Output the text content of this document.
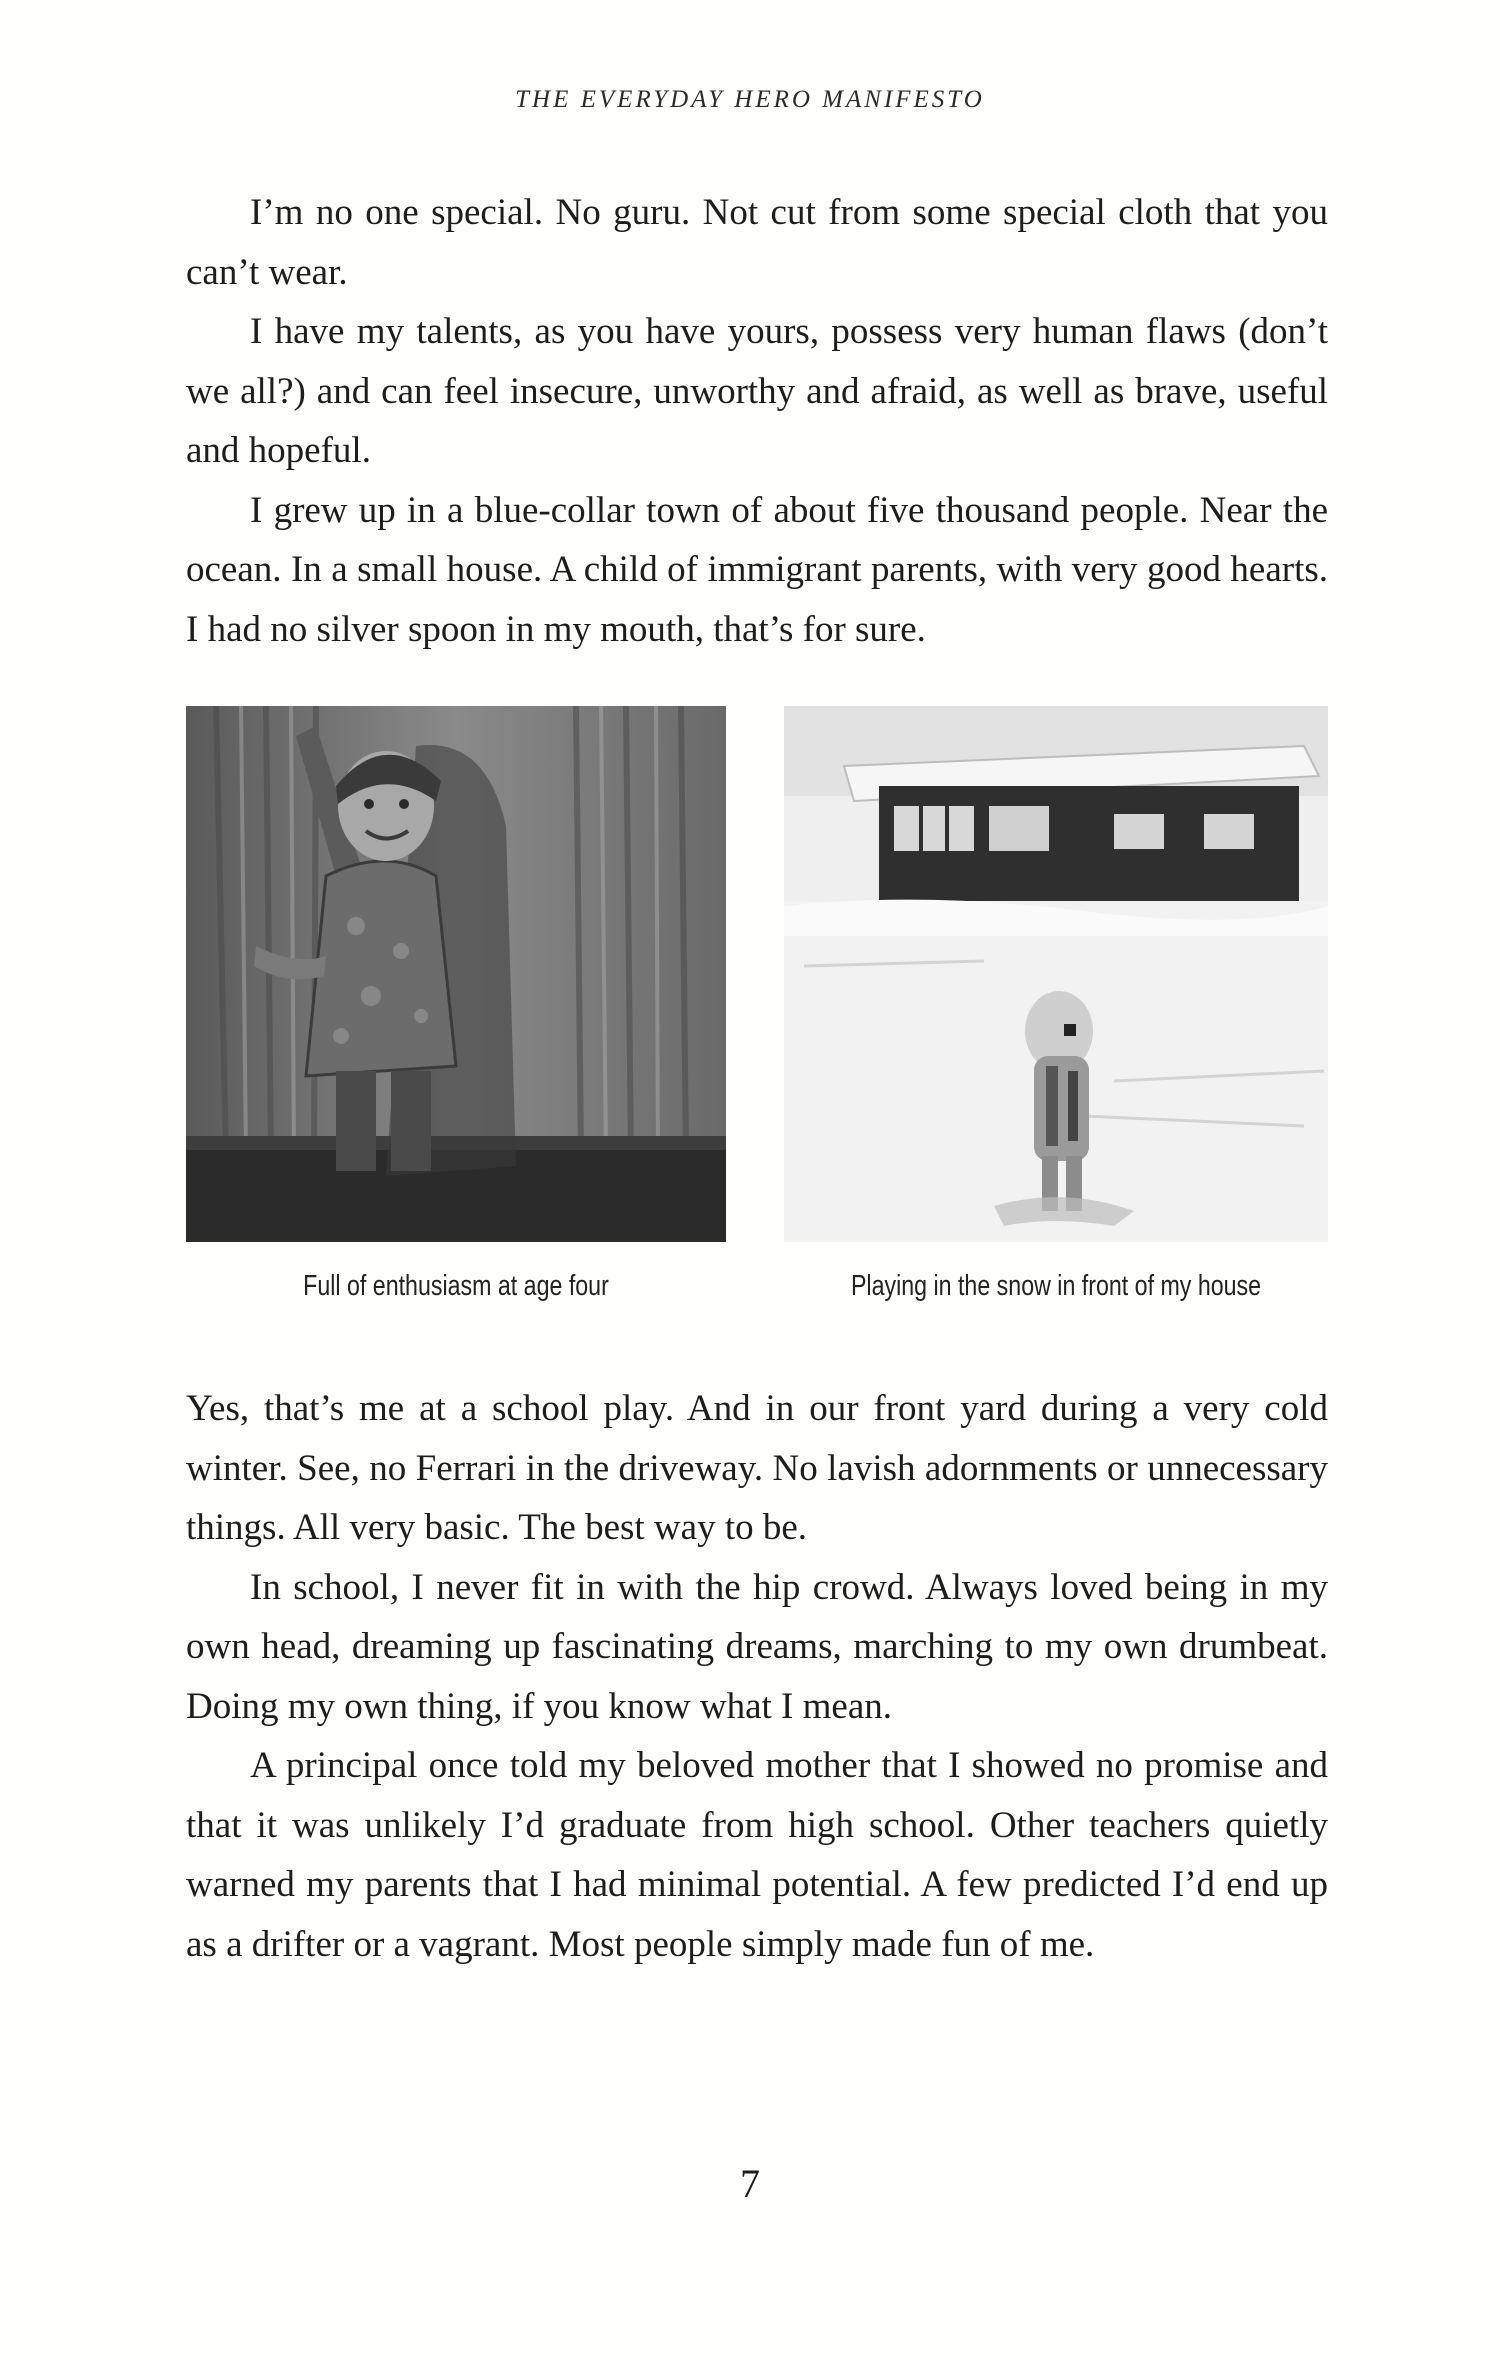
THE EVERYDAY HERO MANIFESTO

I’m no one special. No guru. Not cut from some special cloth that you can’t wear.

I have my talents, as you have yours, possess very human flaws (don’t we all?) and can feel insecure, unworthy and afraid, as well as brave, useful and hopeful.

I grew up in a blue-collar town of about five thousand people. Near the ocean. In a small house. A child of immigrant parents, with very good hearts. I had no silver spoon in my mouth, that’s for sure.

Full of enthusiasm at age four	Playing in the snow in front of my house

Yes, that’s me at a school play. And in our front yard during a very cold winter. See, no Ferrari in the driveway. No lavish adornments or unnecessary things. All very basic. The best way to be.

In school, I never fit in with the hip crowd. Always loved being in my own head, dreaming up fascinating dreams, marching to my own drumbeat. Doing my own thing, if you know what I mean.

A principal once told my beloved mother that I showed no promise and that it was unlikely I’d graduate from high school. Other teachers quietly warned my parents that I had minimal potential. A few predicted I’d end up as a drifter or a vagrant. Most people simply made fun of me.

7
